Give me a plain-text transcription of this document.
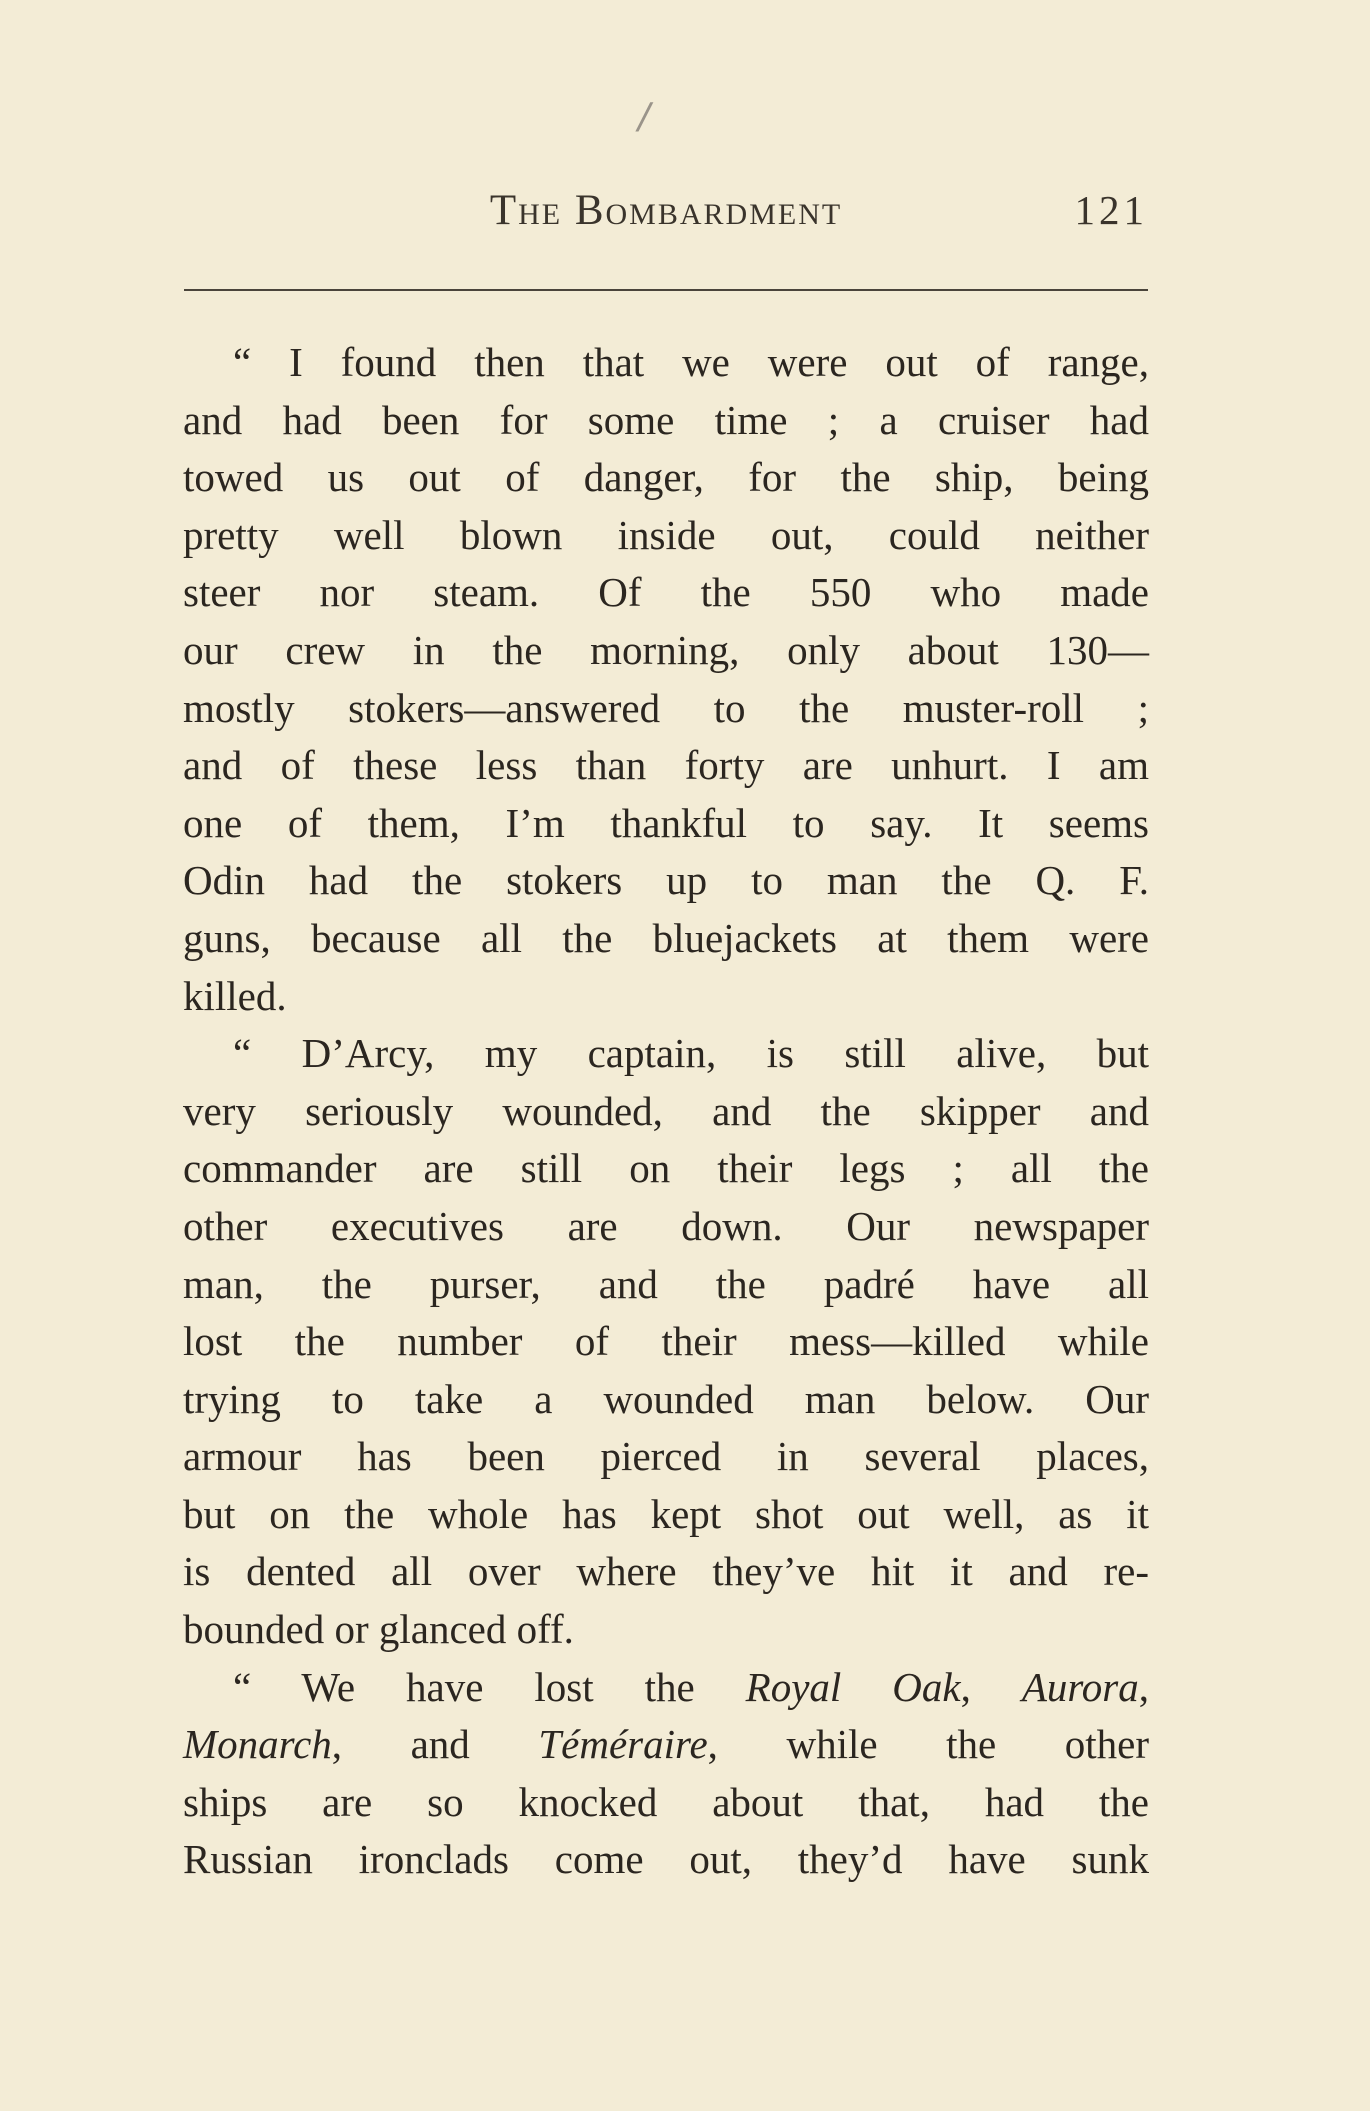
/
The Bombardment	121
“ I found then that we were out of range,
and had been for some time ; a cruiser had
towed us out of danger, for the ship, being
pretty well blown inside out, could neither
steer nor steam. Of the 550 who made
our crew in the morning, only about 130—
mostly stokers—answered to the muster-roll ;
and of these less than forty are unhurt. I am
one of them, I’m thankful to say. It seems
Odin had the stokers up to man the Q. F.
guns, because all the bluejackets at them were
killed.
“ D’Arcy, my captain, is still alive, but
very seriously wounded, and the skipper and
commander are still on their legs ; all the
other executives are down. Our newspaper
man, the purser, and the padré have all
lost the number of their mess—killed while
trying to take a wounded man below. Our
armour has been pierced in several places,
but on the whole has kept shot out well, as it
is dented all over where they’ve hit it and re-
bounded or glanced off.
“ We have lost the Royal Oak, Aurora,
Monarch, and Téméraire, while the other
ships are so knocked about that, had the
Russian ironclads come out, they’d have sunk
